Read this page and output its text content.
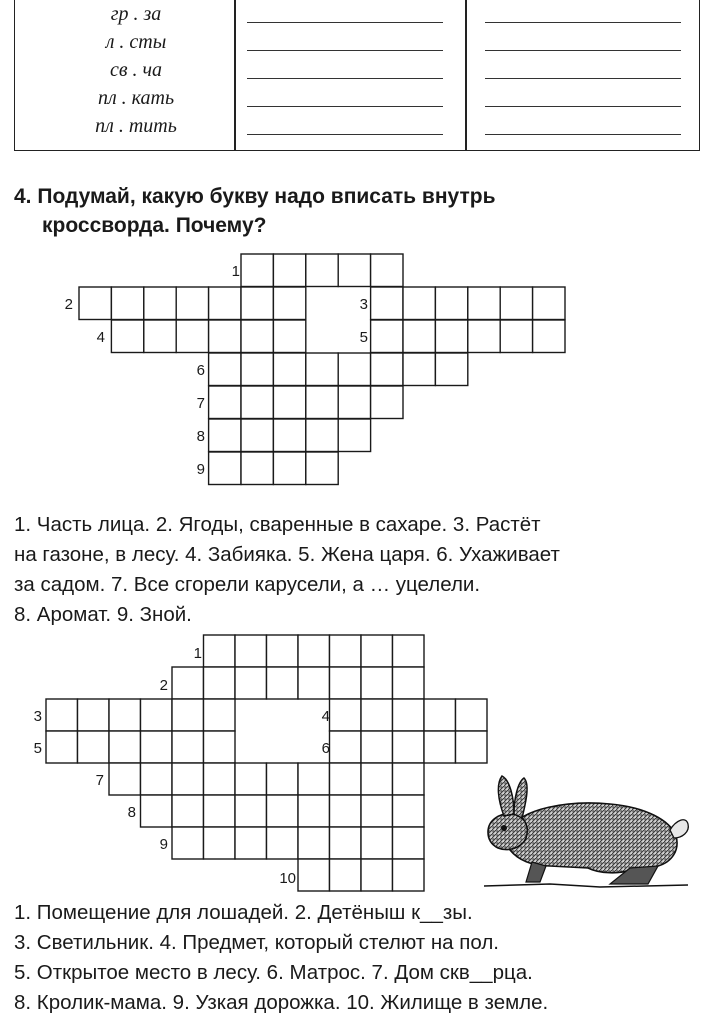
гр . за
л . сты
св . ча
пл . кать
пл . тить
4. Подумай, какую букву надо вписать внутрь
кроссворда. Почему?
1
2	3
4	5
6
7
8
9
1
2
3	4
5	6
7
8
9
10
1. Часть лица. 2. Ягоды, сваренные в сахаре. 3. Растёт
на газоне, в лесу. 4. Забияка. 5. Жена царя. 6. Ухаживает
за садом. 7. Все сгорели карусели, а … уцелели.
8. Аромат. 9. Зной.
1. Помещение для лошадей. 2. Детёныш к__зы.
3. Светильник. 4. Предмет, который стелют на пол.
5. Открытое место в лесу. 6. Матрос. 7. Дом скв__рца.
8. Кролик-мама. 9. Узкая дорожка. 10. Жилище в земле.
